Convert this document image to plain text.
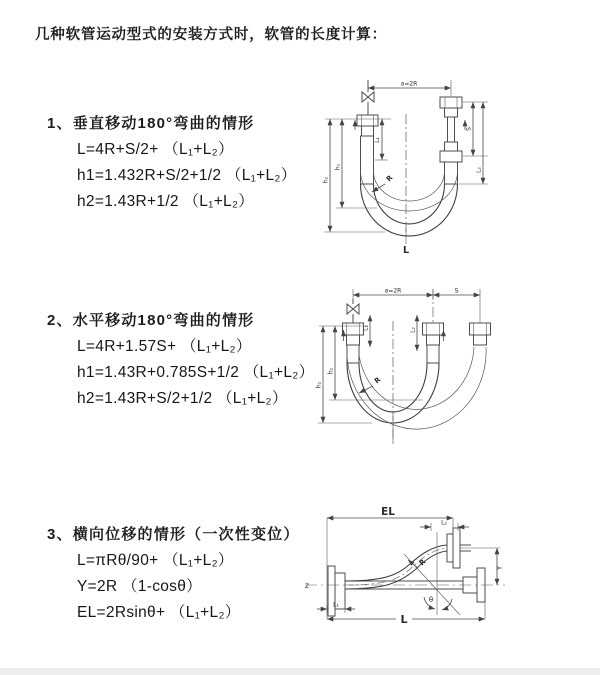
几种软管运动型式的安装方式时，软管的长度计算：
1、垂直移动180°弯曲的情形
L=4R+S/2+ （L₁+L₂）
h1=1.432R+S/2+1/2 （L₁+L₂）
h2=1.43R+1/2 （L₁+L₂）
2、水平移动180°弯曲的情形
L=4R+1.57S+ （L₁+L₂）
h1=1.43R+0.785S+1/2 （L₁+L₂）
h2=1.43R+S/2+1/2 （L₁+L₂）
3、横向位移的情形（一次性变位）
L=πRθ/90+ （L₁+L₂）
Y=2R （1-cosθ）
EL=2Rsinθ+ （L₁+L₂）
a=2R
h₁
h₂
L₁
S
L₂
R
L
a=2R	S
h₁
h₂
L₁	L₂
R
EL
L₂
Y
R
θ
L
L₁
Z
